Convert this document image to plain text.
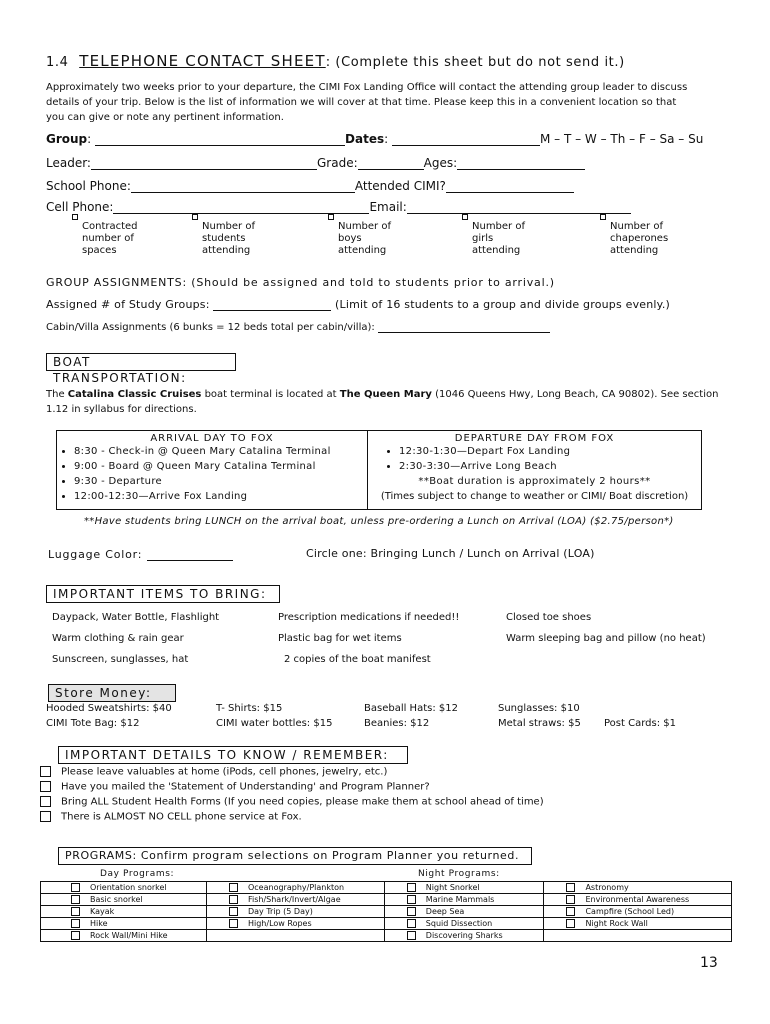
1.4 TELEPHONE CONTACT SHEET: (Complete this sheet but do not send it.)
Approximately two weeks prior to your departure, the CIMI Fox Landing Office will contact the attending group leader to discuss details of your trip. Below is the list of information we will cover at that time. Please keep this in a convenient location so that you can give or note any pertinent information.
Group:	Dates:	M – T – W – Th – F – Sa – Su
Leader:	Grade:	Ages:
School Phone:	Attended CIMI?
Cell Phone:	Email:
Contracted
number of
spaces
Number of
students
attending
Number of
boys
attending
Number of
girls
attending
Number of
chaperones
attending
GROUP ASSIGNMENTS: (Should be assigned and told to students prior to arrival.)
Assigned # of Study Groups:	(Limit of 16 students to a group and divide groups evenly.)
Cabin/Villa Assignments (6 bunks = 12 beds total per cabin/villa):
BOAT TRANSPORTATION:
The Catalina Classic Cruises boat terminal is located at The Queen Mary (1046 Queens Hwy, Long Beach, CA 90802). See section 1.12 in syllabus for directions.
ARRIVAL DAY TO FOX
• 8:30 - Check-in @ Queen Mary Catalina Terminal
• 9:00 - Board @ Queen Mary Catalina Terminal
• 9:30 - Departure
• 12:00-12:30—Arrive Fox Landing

DEPARTURE DAY FROM FOX
• 12:30-1:30—Depart Fox Landing
• 2:30-3:30—Arrive Long Beach
**Boat duration is approximately 2 hours**
(Times subject to change to weather or CIMI/ Boat discretion)
**Have students bring LUNCH on the arrival boat, unless pre-ordering a Lunch on Arrival (LOA) ($2.75/person*)
Luggage Color:	Circle one: Bringing Lunch / Lunch on Arrival (LOA)
IMPORTANT ITEMS TO BRING:
Daypack, Water Bottle, Flashlight	Prescription medications if needed!!	Closed toe shoes
Warm clothing & rain gear	Plastic bag for wet items	Warm sleeping bag and pillow (no heat)
Sunscreen, sunglasses, hat	2 copies of the boat manifest
Store Money:
Hooded Sweatshirts: $40	T- Shirts: $15	Baseball Hats: $12	Sunglasses: $10
CIMI Tote Bag: $12	CIMI water bottles: $15	Beanies: $12	Metal straws: $5 Post Cards: $1
IMPORTANT DETAILS TO KNOW / REMEMBER:
Please leave valuables at home (iPods, cell phones, jewelry, etc.)
Have you mailed the 'Statement of Understanding' and Program Planner?
Bring ALL Student Health Forms (If you need copies, please make them at school ahead of time)
There is ALMOST NO CELL phone service at Fox.
PROGRAMS: Confirm program selections on Program Planner you returned.
Day Programs:	Night Programs:
Orientation snorkel	Oceanography/Plankton	Night Snorkel	Astronomy
Basic snorkel	Fish/Shark/Invert/Algae	Marine Mammals	Environmental Awareness
Kayak	Day Trip (5 Day)	Deep Sea	Campfire (School Led)
Hike	High/Low Ropes	Squid Dissection	Night Rock Wall
Rock Wall/Mini Hike		Discovering Sharks	
13
